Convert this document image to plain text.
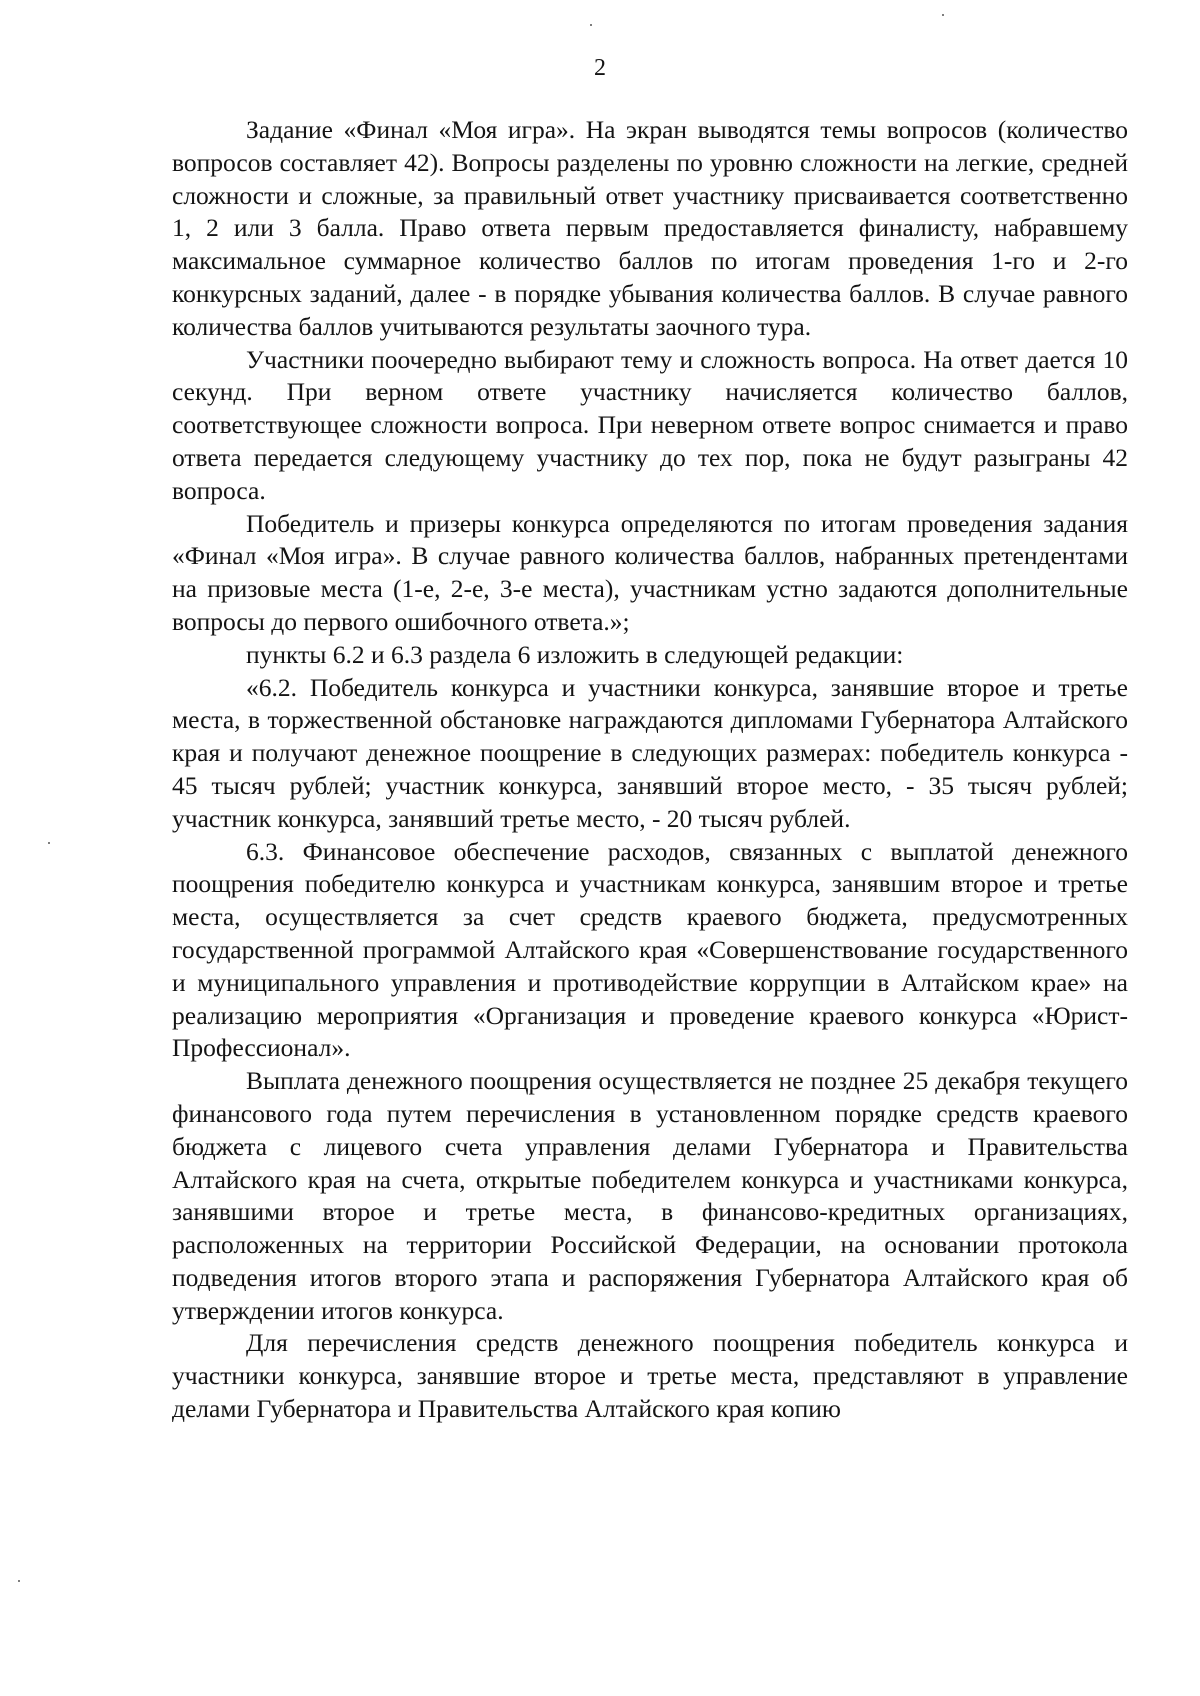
2

Задание «Финал «Моя игра». На экран выводятся темы вопросов (количество вопросов составляет 42). Вопросы разделены по уровню сложности на легкие, средней сложности и сложные, за правильный ответ участнику присваивается соответственно 1, 2 или 3 балла. Право ответа первым предоставляется финалисту, набравшему максимальное суммарное количество баллов по итогам проведения 1-го и 2-го конкурсных заданий, далее - в порядке убывания количества баллов. В случае равного количества баллов учитываются результаты заочного тура.

Участники поочередно выбирают тему и сложность вопроса. На ответ дается 10 секунд. При верном ответе участнику начисляется количество баллов, соответствующее сложности вопроса. При неверном ответе вопрос снимается и право ответа передается следующему участнику до тех пор, пока не будут разыграны 42 вопроса.

Победитель и призеры конкурса определяются по итогам проведения задания «Финал «Моя игра». В случае равного количества баллов, набранных претендентами на призовые места (1-е, 2-е, 3-е места), участникам устно задаются дополнительные вопросы до первого ошибочного ответа.»;

пункты 6.2 и 6.3 раздела 6 изложить в следующей редакции:

«6.2. Победитель конкурса и участники конкурса, занявшие второе и третье места, в торжественной обстановке награждаются дипломами Губернатора Алтайского края и получают денежное поощрение в следующих размерах: победитель конкурса - 45 тысяч рублей; участник конкурса, занявший второе место, - 35 тысяч рублей; участник конкурса, занявший третье место, - 20 тысяч рублей.

6.3. Финансовое обеспечение расходов, связанных с выплатой денежного поощрения победителю конкурса и участникам конкурса, занявшим второе и третье места, осуществляется за счет средств краевого бюджета, предусмотренных государственной программой Алтайского края «Совершенствование государственного и муниципального управления и противодействие коррупции в Алтайском крае» на реализацию мероприятия «Организация и проведение краевого конкурса «Юрист-Профессионал».

Выплата денежного поощрения осуществляется не позднее 25 декабря текущего финансового года путем перечисления в установленном порядке средств краевого бюджета с лицевого счета управления делами Губернатора и Правительства Алтайского края на счета, открытые победителем конкурса и участниками конкурса, занявшими второе и третье места, в финансово-кредитных организациях, расположенных на территории Российской Федерации, на основании протокола подведения итогов второго этапа и распоряжения Губернатора Алтайского края об утверждении итогов конкурса.

Для перечисления средств денежного поощрения победитель конкурса и участники конкурса, занявшие второе и третье места, представляют в управление делами Губернатора и Правительства Алтайского края копию
